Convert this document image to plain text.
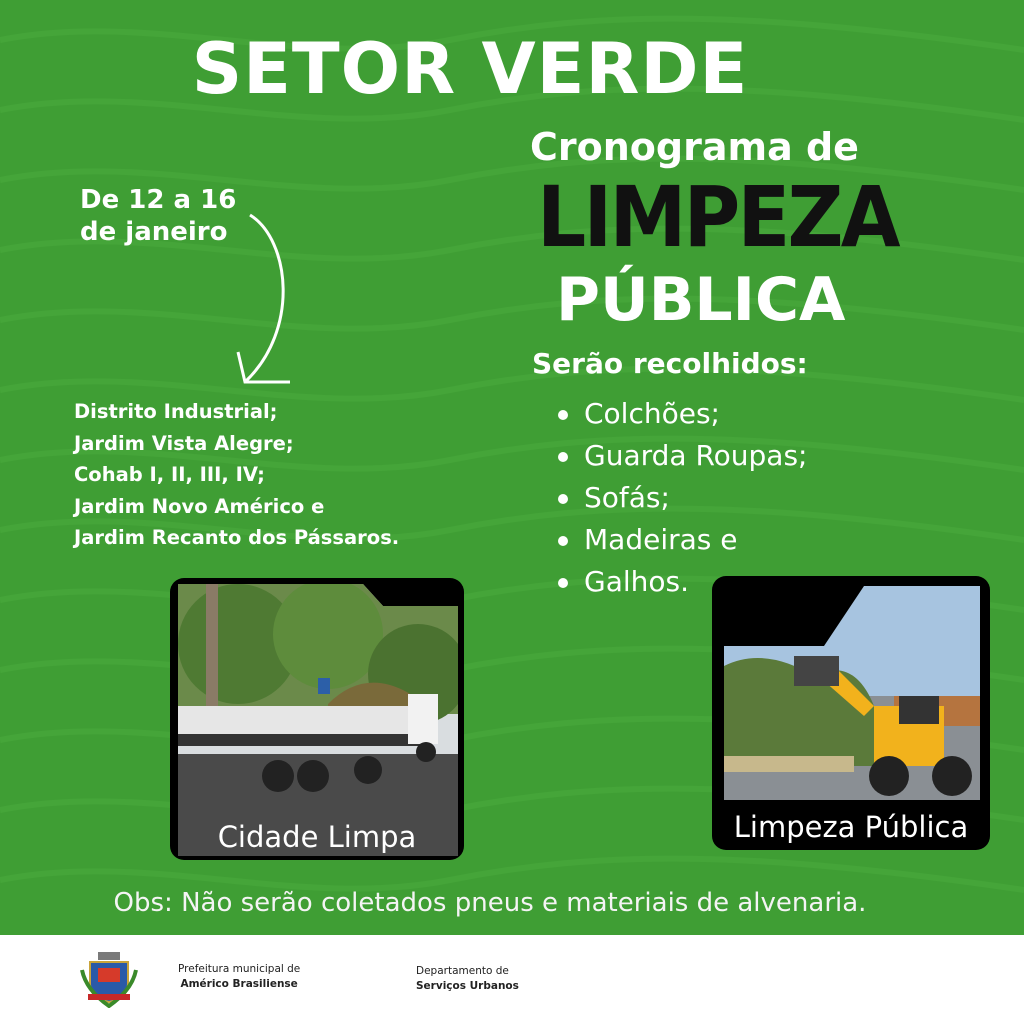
SETOR VERDE
Cronograma de
LIMPEZA
PÚBLICA
De 12 a 16
de janeiro
Distrito Industrial;
Jardim Vista Alegre;
Cohab I, II, III, IV;
Jardim Novo Américo e
Jardim Recanto dos Pássaros.
Serão recolhidos:
Colchões;
Guarda Roupas;
Sofás;
Madeiras e
Galhos.
Cidade Limpa	Limpeza Pública
Obs: Não serão coletados pneus e materiais de alvenaria.
Prefeitura municipal de
Américo Brasiliense
Departamento de
Serviços Urbanos
